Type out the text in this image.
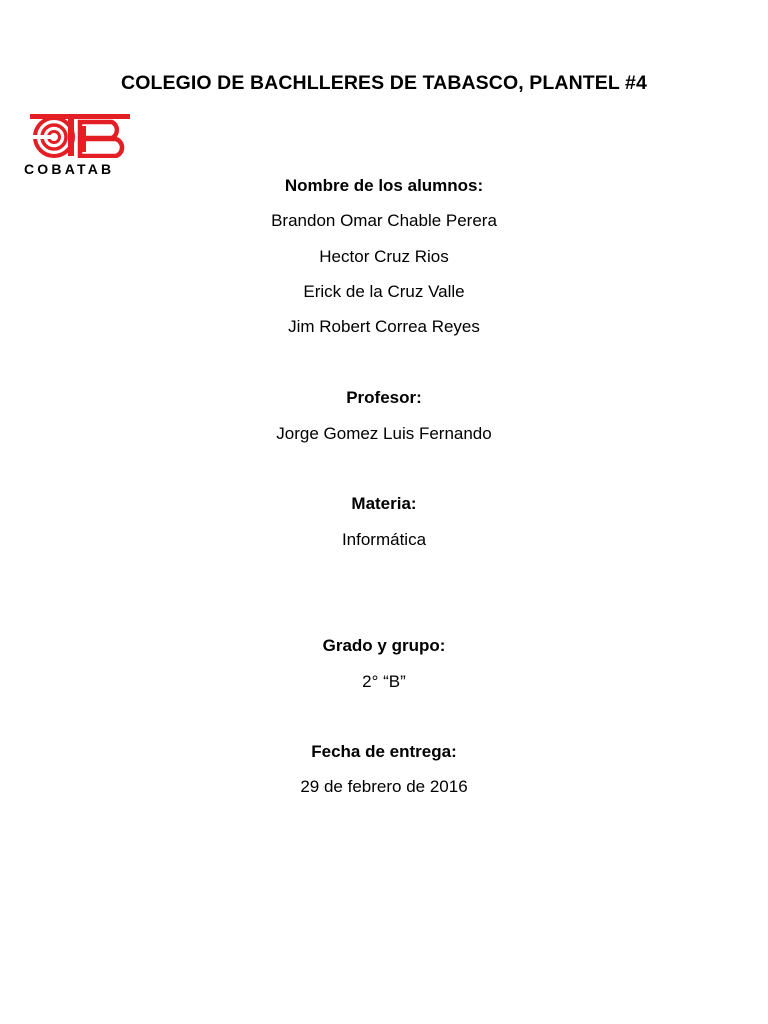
COLEGIO DE BACHLLERES DE TABASCO, PLANTEL #4
COBATAB
Nombre de los alumnos:
Brandon Omar Chable Perera
Hector Cruz Rios
Erick de la Cruz Valle
Jim Robert Correa Reyes
Profesor:
Jorge Gomez Luis Fernando
Materia:
Informática
Grado y grupo:
2° “B”
Fecha de entrega:
29 de febrero de 2016
